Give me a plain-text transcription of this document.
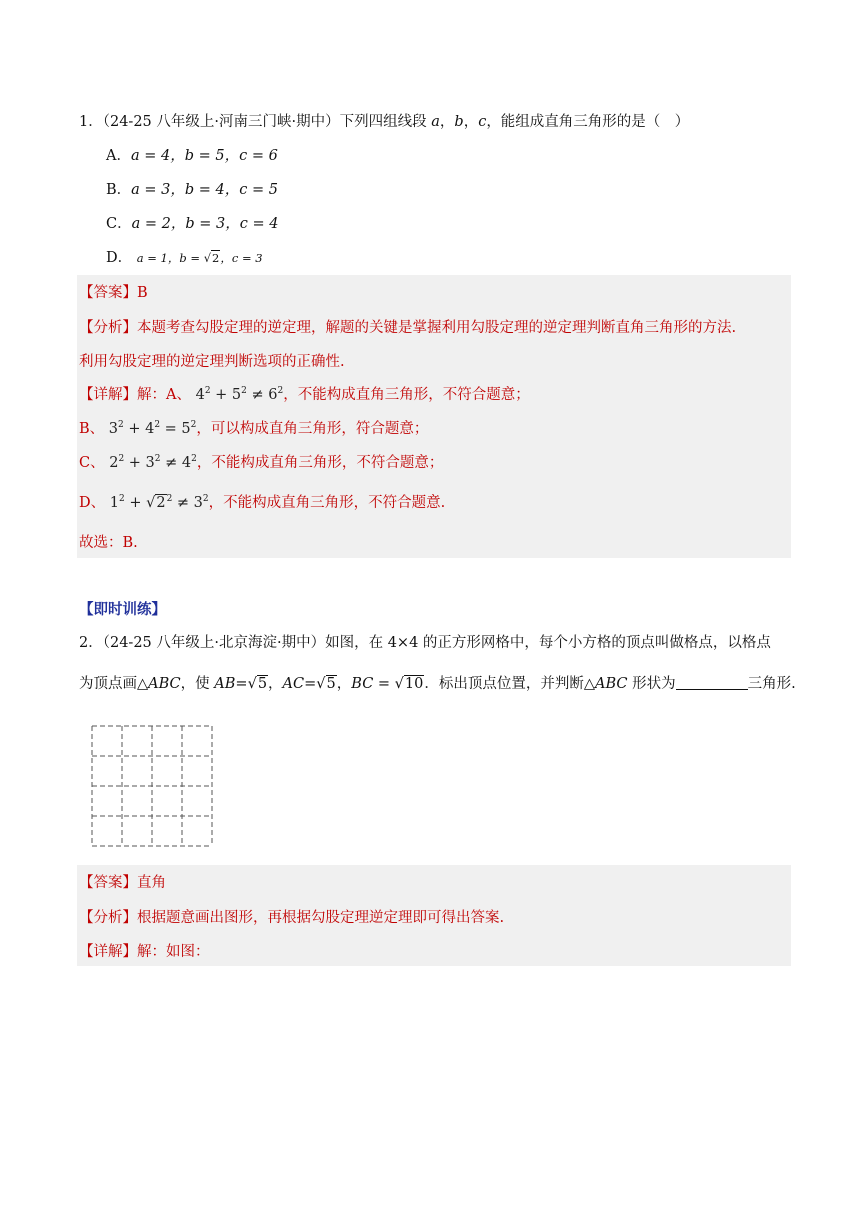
1．（24-25 八年级上·河南三门峡·期中）下列四组线段 a，b，c，能组成直角三角形的是（　）
A．a = 4，b = 5，c = 6
B．a = 3，b = 4，c = 5
C．a = 2，b = 3，c = 4
D． a = 1，b = √2，c = 3
【答案】B
【分析】本题考查勾股定理的逆定理，解题的关键是掌握利用勾股定理的逆定理判断直角三角形的方法.
利用勾股定理的逆定理判断选项的正确性.
【详解】解：A、 $4^2 + 5^2 \ne 6^2$，不能构成直角三角形，不符合题意；
B、 $3^2 + 4^2 = 5^2$，可以构成直角三角形，符合题意；
C、 $2^2 + 3^2 \ne 4^2$，不能构成直角三角形，不符合题意；
D、 $1^2 + √2^2 \ne 3^2$，不能构成直角三角形，不符合题意.
故选：B.
【即时训练】
2．（24-25 八年级上·北京海淀·期中）如图，在 4×4 的正方形网格中，每个小方格的顶点叫做格点，以格点
为顶点画△ABC，使 AB=√5，AC=√5，BC = √10．标出顶点位置，并判断△ABC 形状为	三角形.
【答案】直角
【分析】根据题意画出图形，再根据勾股定理逆定理即可得出答案.
【详解】解：如图：
